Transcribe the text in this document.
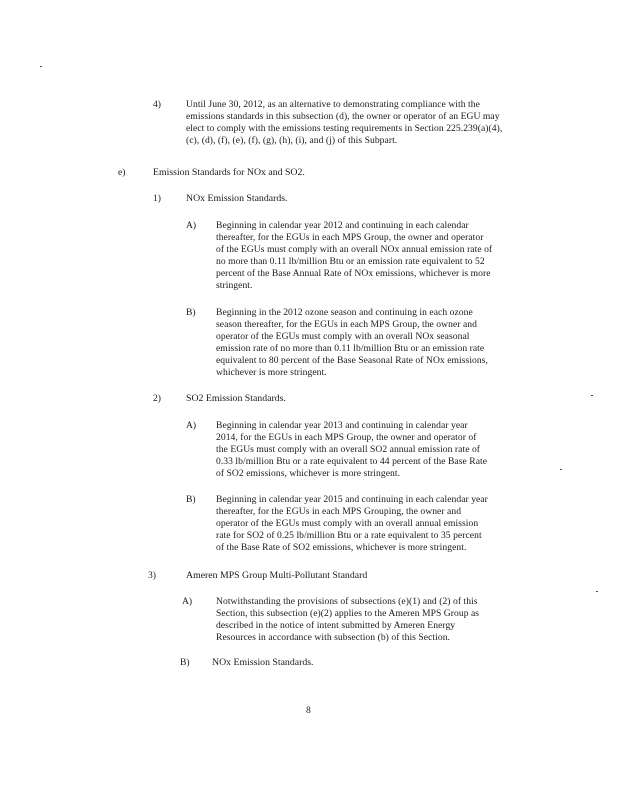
4)	Until June 30, 2012, as an alternative to demonstrating compliance with the
emissions standards in this subsection (d), the owner or operator of an EGU may
elect to comply with the emissions testing requirements in Section 225.239(a)(4),
(c), (d), (f), (e), (f), (g), (h), (i), and (j) of this Subpart.
e)	Emission Standards for NOx and SO2.
1)	NOx Emission Standards.
A) Beginning in calendar year 2012 and continuing in each calendar
thereafter, for the EGUs in each MPS Group, the owner and operator
of the EGUs must comply with an overall NOx annual emission rate of
no more than 0.11 lb/million Btu or an emission rate equivalent to 52
percent of the Base Annual Rate of NOx emissions, whichever is more
stringent.
B) Beginning in the 2012 ozone season and continuing in each ozone
season thereafter, for the EGUs in each MPS Group, the owner and
operator of the EGUs must comply with an overall NOx seasonal
emission rate of no more than 0.11 lb/million Btu or an emission rate
equivalent to 80 percent of the Base Seasonal Rate of NOx emissions,
whichever is more stringent.
2)	SO2 Emission Standards.
A) Beginning in calendar year 2013 and continuing in calendar year
2014, for the EGUs in each MPS Group, the owner and operator of
the EGUs must comply with an overall SO2 annual emission rate of
0.33 lb/million Btu or a rate equivalent to 44 percent of the Base Rate
of SO2 emissions, whichever is more stringent.
B) Beginning in calendar year 2015 and continuing in each calendar year
thereafter, for the EGUs in each MPS Grouping, the owner and
operator of the EGUs must comply with an overall annual emission
rate for SO2 of 0.25 lb/million Btu or a rate equivalent to 35 percent
of the Base Rate of SO2 emissions, whichever is more stringent.
3)	Ameren MPS Group Multi-Pollutant Standard
A) Notwithstanding the provisions of subsections (e)(1) and (2) of this
Section, this subsection (e)(2) applies to the Ameren MPS Group as
described in the notice of intent submitted by Ameren Energy
Resources in accordance with subsection (b) of this Section.
B) NOx Emission Standards.
8
